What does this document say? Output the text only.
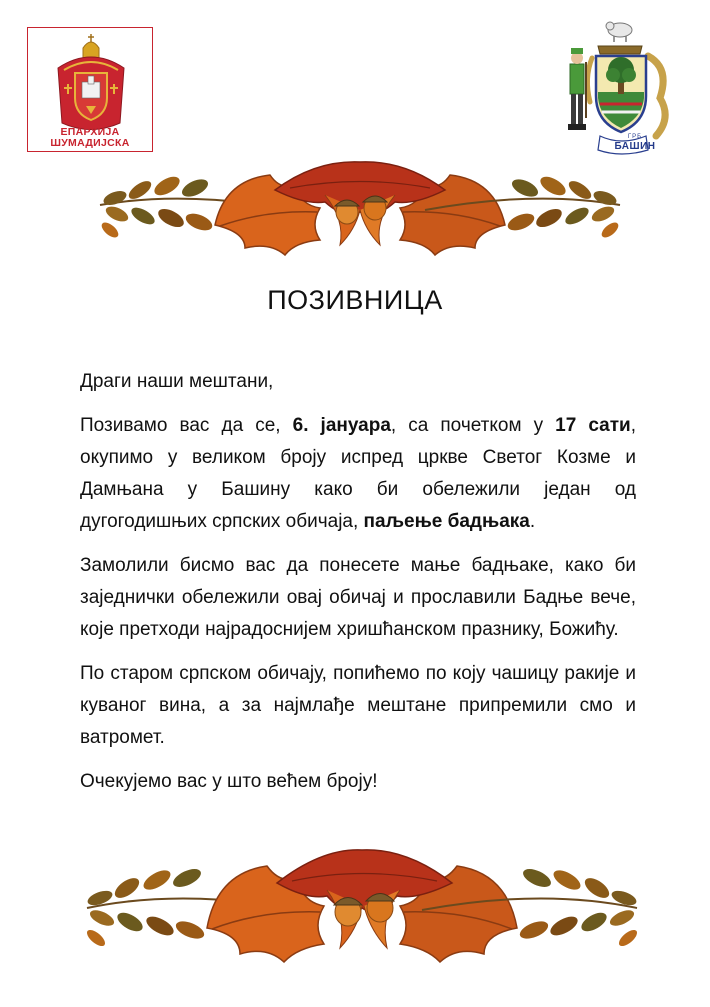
ЕПАРХИЈА
ШУМАДИЈСКА	ГРБ
БАШИН
ПОЗИВНИЦА

Драги наши мештани,

Позивамо вас да се, 6. јануара, са почетком у 17 сати, окупимо у великом броју испред цркве Светог Козме и Дамњана у Башину како би обележили један од дугогодишњих српских обичаја, паљење бадњака.

Замолили бисмо вас да понесете мање бадњаке, како би заједнички обележили овај обичај и прославили Бадње вече, које претходи најрадоснијем хришћанском празнику, Божићу.

По старом српском обичају, попићемо по коју чашицу ракије и куваног вина, а за најмлађе мештане припремили смо и ватромет.

Очекујемо вас у што већем броју!
